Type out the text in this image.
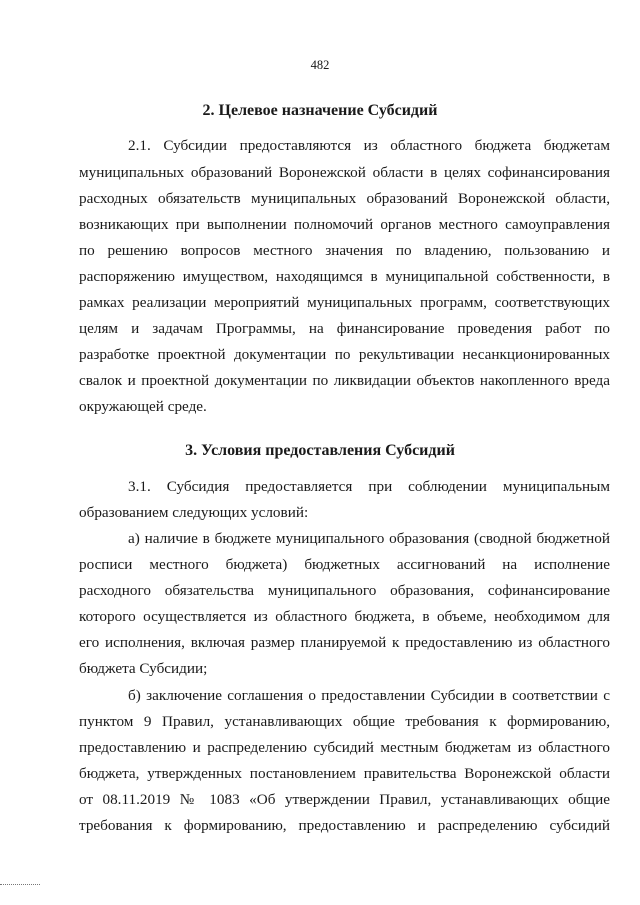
482
2. Целевое назначение Субсидий

2.1. Субсидии предоставляются из областного бюджета бюджетам

муниципальных образований Воронежской области в целях софинансирования

расходных обязательств муниципальных образований Воронежской области,

возникающих при выполнении полномочий органов местного самоуправления

по решению вопросов местного значения по владению, пользованию и

распоряжению имуществом, находящимся в муниципальной собственности, в

рамках реализации мероприятий муниципальных программ, соответствующих

целям и задачам Программы, на финансирование проведения работ по

разработке проектной документации по рекультивации несанкционированных

свалок и проектной документации по ликвидации объектов накопленного вреда

окружающей среде.

3. Условия предоставления Субсидий

3.1. Субсидия предоставляется при соблюдении муниципальным

образованием следующих условий:

а) наличие в бюджете муниципального образования (сводной бюджетной

росписи местного бюджета) бюджетных ассигнований на исполнение

расходного обязательства муниципального образования, софинансирование

которого осуществляется из областного бюджета, в объеме, необходимом для

его исполнения, включая размер планируемой к предоставлению из областного

бюджета Субсидии;

б) заключение соглашения о предоставлении Субсидии в соответствии с

пунктом 9 Правил, устанавливающих общие требования к формированию,

предоставлению и распределению субсидий местным бюджетам из областного

бюджета, утвержденных постановлением правительства Воронежской области

от 08.11.2019 № 1083 «Об утверждении Правил, устанавливающих общие

требования к формированию, предоставлению и распределению субсидий
